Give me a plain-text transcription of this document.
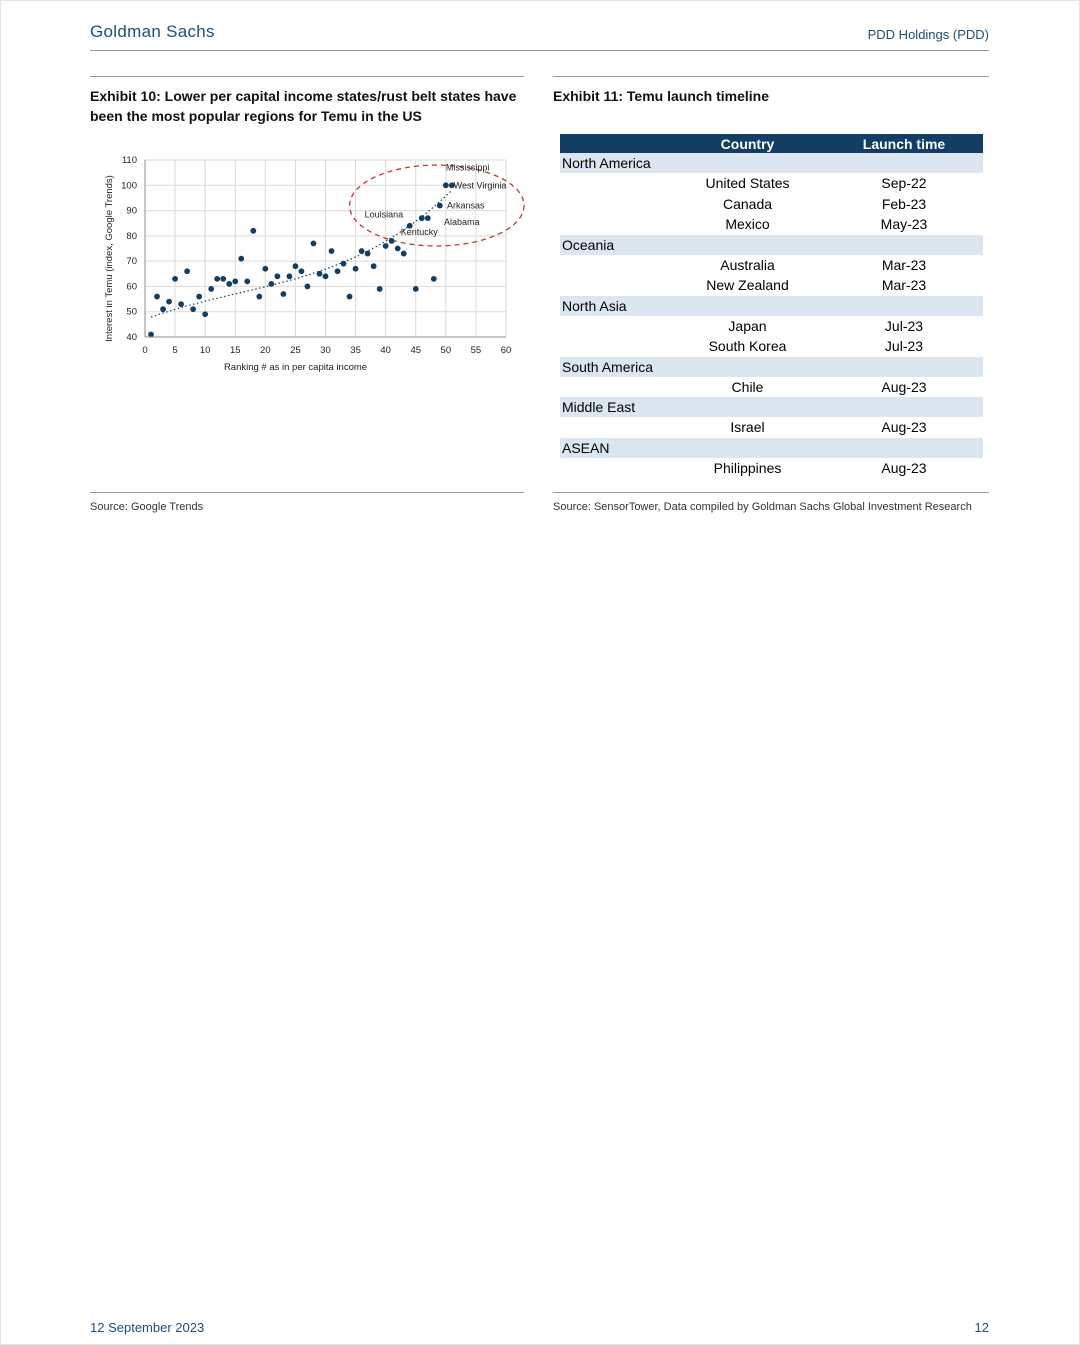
Goldman Sachs	PDD Holdings (PDD)
Exhibit 10: Lower per capital income states/rust belt states have been the most popular regions for Temu in the US
0	5 10 15 20 25 30 35 40 45 50 55 60
40
50
60
70
80
90
100
110
Mississippi
West Virginia
Arkansas
Louisiana
Alabama
Kentucky
Ranking # as in per capita income
Interest in Temu (index, Google Trends)
Source: Google Trends
Exhibit 11: Temu launch timeline
	Country	Launch time
North America		
	United States	Sep-22
	Canada	Feb-23
	Mexico	May-23
Oceania		
	Australia	Mar-23
	New Zealand	Mar-23
North Asia		
	Japan	Jul-23
	South Korea	Jul-23
South America		
	Chile	Aug-23
Middle East		
	Israel	Aug-23
ASEAN		
	Philippines	Aug-23
Source: SensorTower, Data compiled by Goldman Sachs Global Investment Research
12 September 2023	12
